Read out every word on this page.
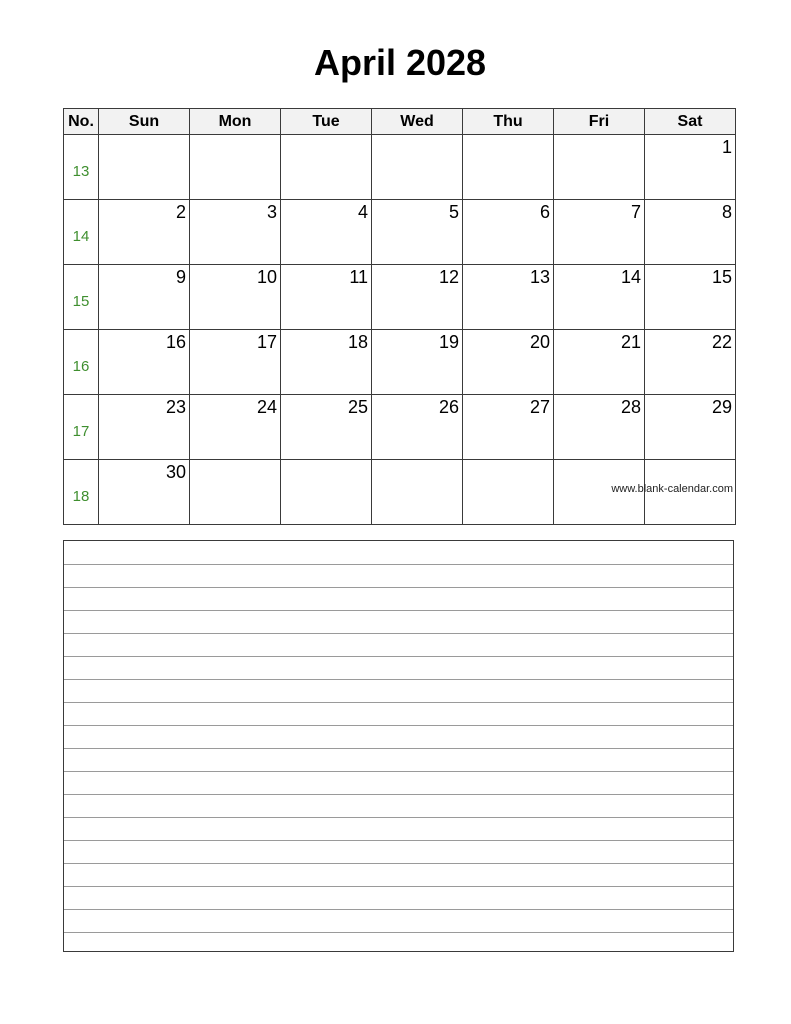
April 2028
No.	Sun	Mon	Tue	Wed	Thu	Fri	Sat
13							1
14	2	3	4	5	6	7	8
15	9	10	11	12	13	14	15
16	16	17	18	19	20	21	22
17	23	24	25	26	27	28	29
18	30						
www.blank-calendar.com
